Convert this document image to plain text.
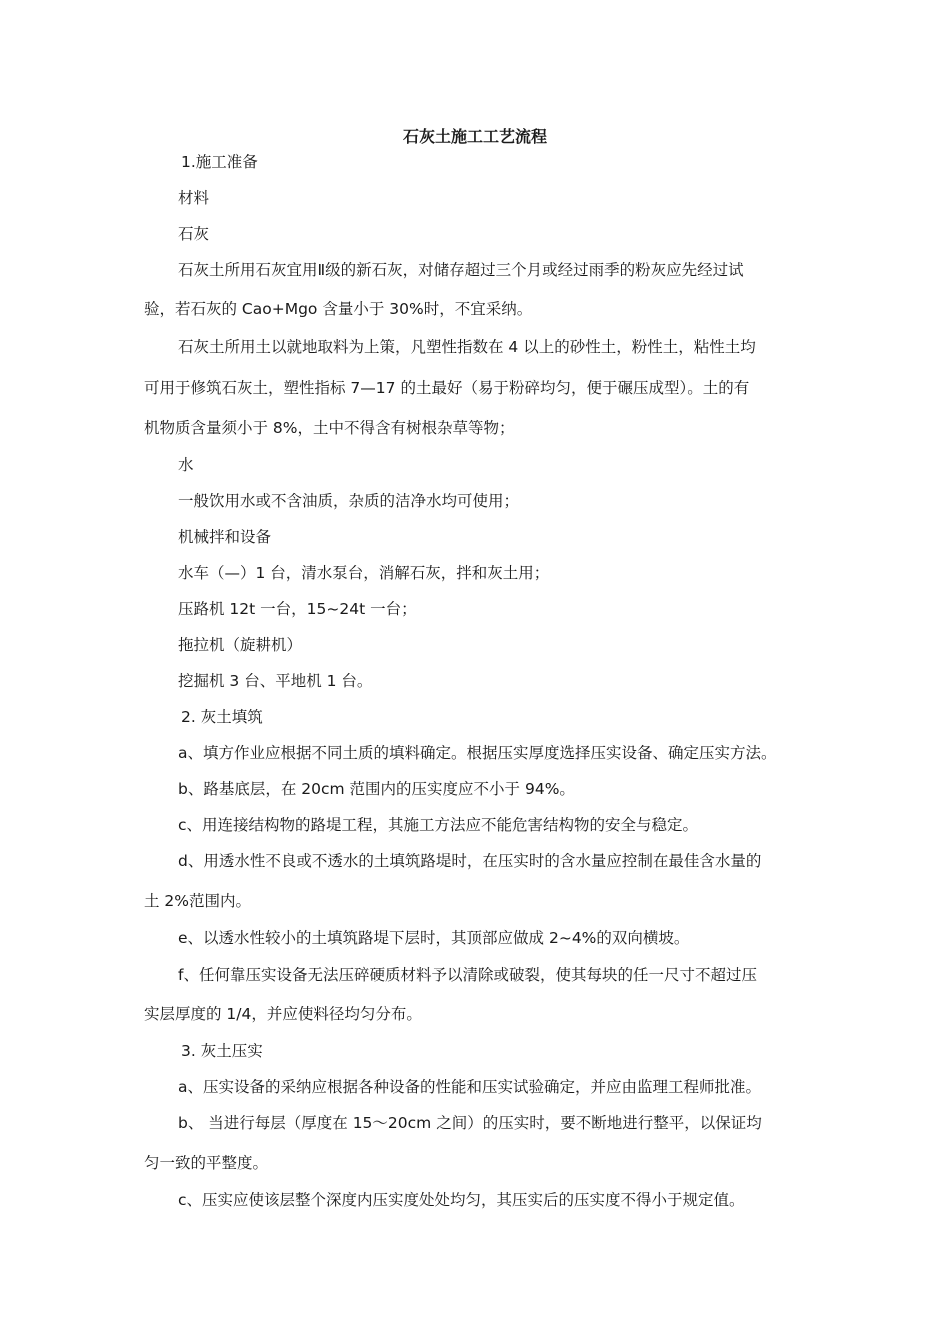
石灰土施工工艺流程
1.施工准备
材料
石灰
石灰土所用石灰宜用Ⅱ级的新石灰，对储存超过三个月或经过雨季的粉灰应先经过试
验，若石灰的 Cao+Mgo 含量小于 30%时，不宜采纳。
石灰土所用土以就地取料为上策，凡塑性指数在 4 以上的砂性土，粉性土，粘性土均
可用于修筑石灰土，塑性指标 7—17 的土最好（易于粉碎均匀，便于碾压成型）。土的有
机物质含量须小于 8%，土中不得含有树根杂草等物；
水
一般饮用水或不含油质，杂质的洁净水均可使用；
机械拌和设备
水车（—）1 台，清水泵台，消解石灰，拌和灰土用；
压路机 12t 一台，15~24t 一台；
拖拉机（旋耕机）
挖掘机 3 台、平地机 1 台。
2. 灰土填筑
a、填方作业应根据不同土质的填料确定。根据压实厚度选择压实设备、确定压实方法。
b、路基底层，在 20cm 范围内的压实度应不小于 94%。
c、用连接结构物的路堤工程，其施工方法应不能危害结构物的安全与稳定。
d、用透水性不良或不透水的土填筑路堤时，在压实时的含水量应控制在最佳含水量的
土 2%范围内。
e、以透水性较小的土填筑路堤下层时，其顶部应做成 2~4%的双向横坡。
f、任何靠压实设备无法压碎硬质材料予以清除或破裂，使其每块的任一尺寸不超过压
实层厚度的 1/4，并应使料径均匀分布。
3. 灰土压实
a、压实设备的采纳应根据各种设备的性能和压实试验确定，并应由监理工程师批准。
b、 当进行每层（厚度在 15～20cm 之间）的压实时，要不断地进行整平，以保证均
匀一致的平整度。
c、压实应使该层整个深度内压实度处处均匀，其压实后的压实度不得小于规定值。
